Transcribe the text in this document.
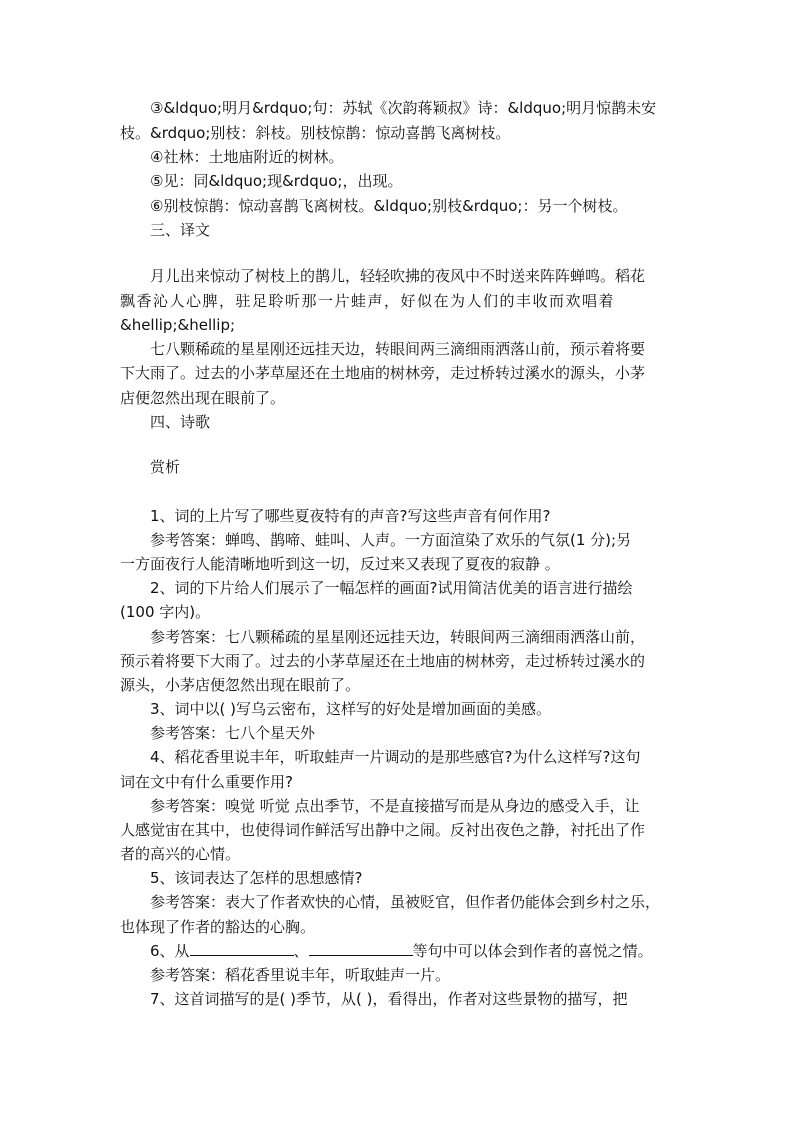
③&ldquo;明月&rdquo;句：苏轼《次韵蒋颖叔》诗：&ldquo;明月惊鹊未安
枝。&rdquo;别枝：斜枝。别枝惊鹊：惊动喜鹊飞离树枝。
④社林：土地庙附近的树林。
⑤见：同&ldquo;现&rdquo;，出现。
⑥别枝惊鹊：惊动喜鹊飞离树枝。&ldquo;别枝&rdquo;：另一个树枝。
三、译文
月儿出来惊动了树枝上的鹊儿，轻轻吹拂的夜风中不时送来阵阵蝉鸣。稻花
飘香沁人心脾，驻足聆听那一片蛙声，好似在为人们的丰收而欢唱着
&hellip;&hellip;
七八颗稀疏的星星刚还远挂天边，转眼间两三滴细雨洒落山前，预示着将要
下大雨了。过去的小茅草屋还在土地庙的树林旁，走过桥转过溪水的源头，小茅
店便忽然出现在眼前了。
四、诗歌
赏析
1、词的上片写了哪些夏夜特有的声音?写这些声音有何作用?
参考答案：蝉鸣、鹊啼、蛙叫、人声。一方面渲染了欢乐的气氛(1 分);另
一方面夜行人能清晰地听到这一切，反过来又表现了夏夜的寂静 。
2、词的下片给人们展示了一幅怎样的画面?试用简洁优美的语言进行描绘
(100 字内)。
参考答案：七八颗稀疏的星星刚还远挂天边，转眼间两三滴细雨洒落山前，
预示着将要下大雨了。过去的小茅草屋还在土地庙的树林旁，走过桥转过溪水的
源头，小茅店便忽然出现在眼前了。
3、词中以( )写乌云密布，这样写的好处是增加画面的美感。
参考答案：七八个星天外
4、稻花香里说丰年，听取蛙声一片调动的是那些感官?为什么这样写?这句
词在文中有什么重要作用?
参考答案：嗅觉 听觉 点出季节，不是直接描写而是从身边的感受入手，让
人感觉宙在其中，也使得词作鲜活写出静中之闹。反衬出夜色之静，衬托出了作
者的高兴的心情。
5、该词表达了怎样的思想感情?
参考答案：表大了作者欢快的心情，虽被贬官，但作者仍能体会到乡村之乐，
也体现了作者的豁达的心胸。
6、从	、	等句中可以体会到作者的喜悦之情。
参考答案：稻花香里说丰年，听取蛙声一片。
7、这首词描写的是( )季节，从( )，看得出，作者对这些景物的描写，把
